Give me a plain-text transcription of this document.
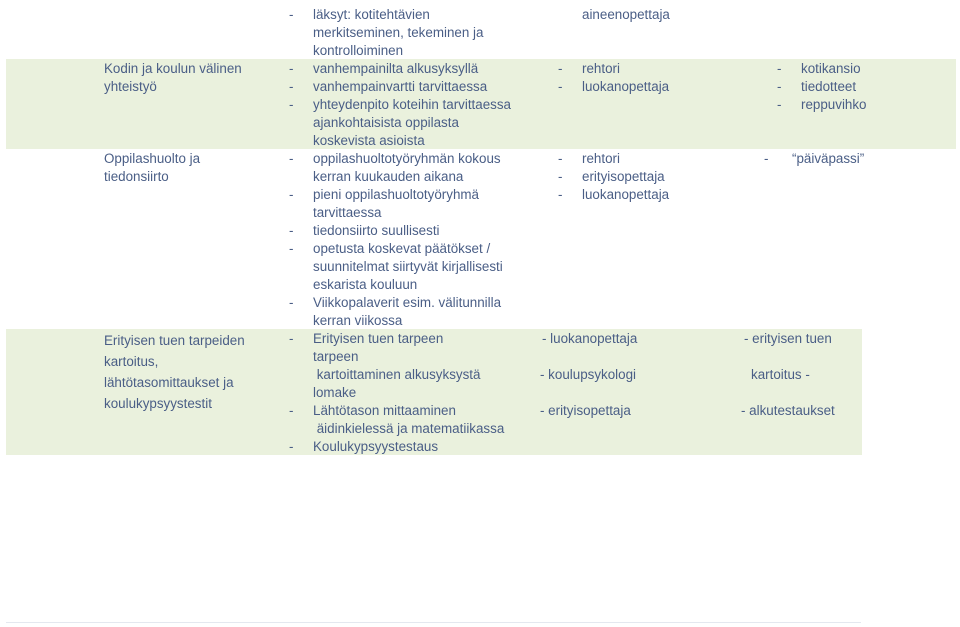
- läksyt: kotitehtävien
merkitseminen, tekeminen ja
kontrolloiminen
aineenopettaja
Kodin ja koulun välinen
yhteistyö
- vanhempainilta alkusyksyllä
- vanhempainvartti tarvittaessa
- yhteydenpito koteihin tarvittaessa
ajankohtaisista oppilasta
koskevista asioista
- rehtori
- luokanopettaja
- kotikansio
- tiedotteet
- reppuvihko
Oppilashuolto ja
tiedonsiirto
- oppilashuoltotyöryhmän kokous
kerran kuukauden aikana
- pieni oppilashuoltotyöryhmä
tarvittaessa
- tiedonsiirto suullisesti
- opetusta koskevat päätökset /
suunnitelmat siirtyvät kirjallisesti
eskarista kouluun
- Viikkopalaverit esim. välitunnilla
kerran viikossa
- rehtori
- erityisopettaja
- luokanopettaja
- “päiväpassi”
Erityisen tuen tarpeiden
kartoitus,
lähtötasomittaukset ja
koulukypsyystestit
- Erityisen tuen tarpeen
tarpeen
kartoittaminen alkusyksystä
lomake
- Lähtötason mittaaminen
äidinkielessä ja matematiikassa
- Koulukypsyystestaus
- luokanopettaja
- koulupsykologi
- erityisopettaja
- erityisen tuen
kartoitus -
- alkutestaukset
